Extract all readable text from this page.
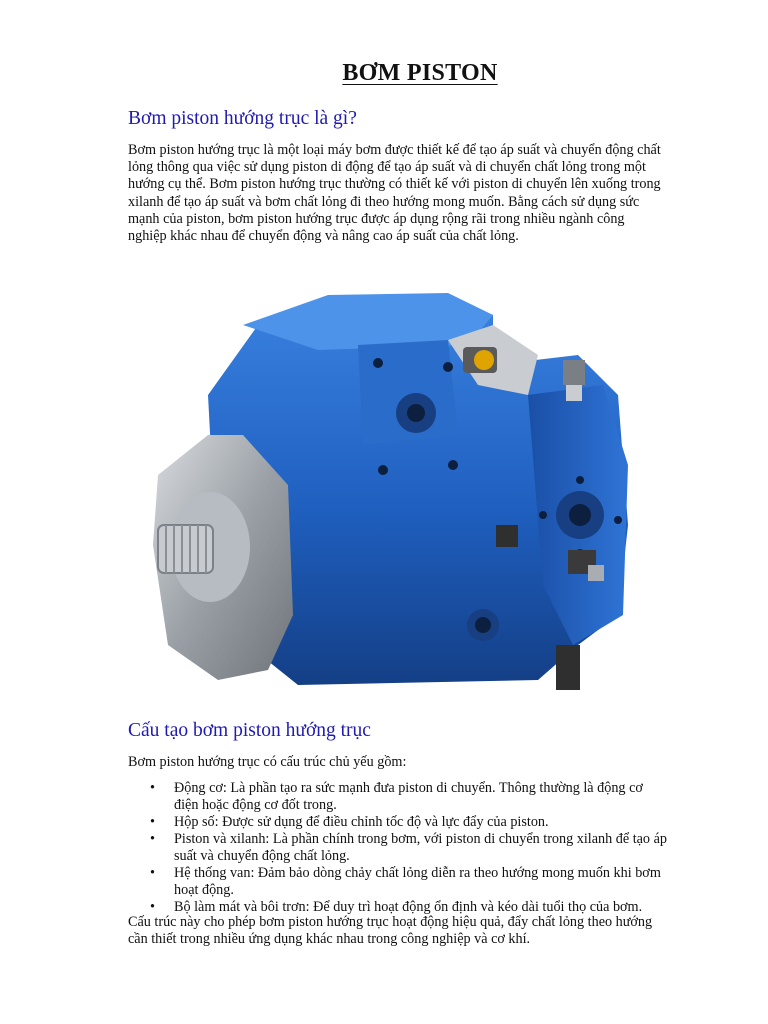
BƠM PISTON
Bơm piston hướng trục là gì?
Bơm piston hướng trục là một loại máy bơm được thiết kế để tạo áp suất và chuyển động chất
lỏng thông qua việc sử dụng piston di động để tạo áp suất và di chuyển chất lỏng trong một
hướng cụ thể. Bơm piston hướng trục thường có thiết kế với piston di chuyển lên xuống trong
xilanh để tạo áp suất và bơm chất lỏng đi theo hướng mong muốn. Bằng cách sử dụng sức
mạnh của piston, bơm piston hướng trục được áp dụng rộng rãi trong nhiều ngành công
nghiệp khác nhau để chuyển động và nâng cao áp suất của chất lỏng.
Cấu tạo bơm piston hướng trục
Bơm piston hướng trục có cấu trúc chủ yếu gồm:
• Động cơ: Là phần tạo ra sức mạnh đưa piston di chuyển. Thông thường là động cơ
điện hoặc động cơ đốt trong.
• Hộp số: Được sử dụng để điều chỉnh tốc độ và lực đẩy của piston.
• Piston và xilanh: Là phần chính trong bơm, với piston di chuyển trong xilanh để tạo áp
suất và chuyển động chất lỏng.
• Hệ thống van: Đảm bảo dòng chảy chất lỏng diễn ra theo hướng mong muốn khi bơm
hoạt động.
• Bộ làm mát và bôi trơn: Để duy trì hoạt động ổn định và kéo dài tuổi thọ của bơm.
Cấu trúc này cho phép bơm piston hướng trục hoạt động hiệu quả, đẩy chất lỏng theo hướng
cần thiết trong nhiều ứng dụng khác nhau trong công nghiệp và cơ khí.
